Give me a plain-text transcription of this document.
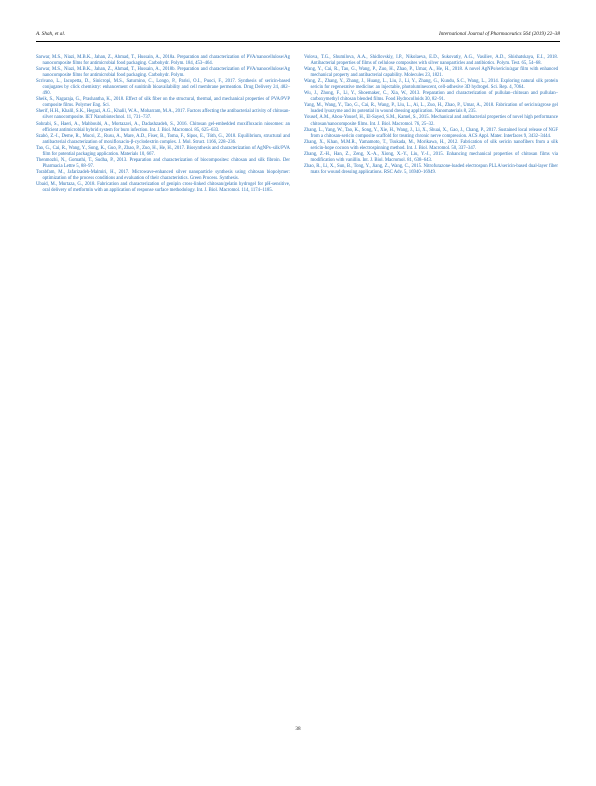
A. Shah, et al.	International Journal of Pharmaceutics 564 (2019) 22–38

Sarwar, M.S., Niazi, M.B.K., Jahan, Z., Ahmad, T., Hussain, A., 2018a. Preparation and characterization of PVA/nanocellulose/Ag nanocomposite films for antimicrobial food packaging. Carbohydr. Polym. 184, 453–464.

Sarwar, M.S., Niazi, M.B.K., Jahan, Z., Ahmad, T., Hussain, A., 2018b. Preparation and characterization of PVA/nanocellulose/Ag nanocomposite films for antimicrobial food packaging. Carbohydr. Polym.

Scrivano, L., Iacopetta, D., Sinicropi, M.S., Saturnino, C., Longo, P., Parisi, O.I., Puoci, F., 2017. Synthesis of sericin-based conjugates by click chemistry: enhancement of sunitinib bioavailability and cell membrane permeation. Drug Delivery 24, 482–490.

Sheik, S., Nagaraja, G., Prashantha, K., 2018. Effect of silk fiber on the structural, thermal, and mechanical properties of PVA/PVP composite films. Polymer Eng. Sci.

Sherif, H.H., Khalil, S.K., Hegazi, A.G., Khalil, W.A., Moharram, M.A., 2017. Factors affecting the antibacterial activity of chitosan-silver nanocomposite. IET Nanobiotechnol. 11, 731–737.

Sohrabi, S., Haeri, A., Mahboubi, A., Mortazavi, A., Dadashzadeh, S., 2016. Chitosan gel-embedded moxifloxacin niosomes: an efficient antimicrobial hybrid system for burn infection. Int. J. Biol. Macromol. 85, 625–633.

Szabó, Z.-I., Deme, R., Mucsi, Z., Rusu, A., Mare, A.D., Fiser, B., Toma, F., Sipos, E., Tóth, G., 2018. Equilibrium, structural and antibacterial characterization of moxifloxacin-β-cyclodextrin complex. J. Mol. Struct. 1166, 228–236.

Tao, G., Cai, R., Wang, Y., Song, K., Guo, P., Zhao, P., Zuo, H., He, H., 2017. Biosynthesis and characterization of AgNPs–silk/PVA film for potential packaging application. Materials 10, 667.

Thenmozhi, N., Gomathi, T., Sudha, P., 2013. Preparation and characterization of biocomposites: chitosan and silk fibroin. Der Pharmacia Lettre 5, 88–97.

Torabfam, M., Jafarizadeh-Malmiri, H., 2017. Microwave-enhanced silver nanoparticle synthesis using chitosan biopolymer: optimization of the process conditions and evaluation of their characteristics. Green Process. Synthesis.

Ubaid, M., Murtaza, G., 2018. Fabrication and characterization of genipin cross-linked chitosan/gelatin hydrogel for pH-sensitive, oral delivery of metformin with an application of response surface methodology. Int. J. Biol. Macromol. 114, 1174–1185.

Volova, T.G., Shumilova, A.A., Shidlovskiy, I.P., Nikolaeva, E.D., Sukovatiy, A.G., Vasiliev, A.D., Shishatskaya, E.I., 2018. Antibacterial properties of films of cellulose composites with silver nanoparticles and antibiotics. Polym. Test. 65, 54–68.

Wang, Y., Cai, R., Tao, G., Wang, P., Zuo, H., Zhao, P., Umar, A., He, H., 2018. A novel AgNPs/sericin/agar film with enhanced mechanical property and antibacterial capability. Molecules 23, 1821.

Wang, Z., Zhang, Y., Zhang, J., Huang, L., Liu, J., Li, Y., Zhang, G., Kundu, S.C., Wang, L., 2014. Exploring natural silk protein sericin for regenerative medicine: an injectable, photoluminescent, cell-adhesive 3D hydrogel. Sci. Rep. 4, 7064.

Wu, J., Zhong, F., Li, Y., Shoemaker, C., Xia, W., 2013. Preparation and characterization of pullulan–chitosan and pullulan–carboxymethyl chitosan blended films. Food Hydrocolloids 30, 82–91.

Yang, M., Wang, Y., Tao, G., Cai, R., Wang, P., Liu, L., Ai, L., Zuo, H., Zhao, P., Umar, A., 2018. Fabrication of sericin/agrose gel loaded lysozyme and its potential in wound dressing application. Nanomaterials 8, 235.

Yousef, A.M., Abou-Yousef, H., El-Sayed, S.M., Kamel, S., 2015. Mechanical and antibacterial properties of novel high performance chitosan/nanocomposite films. Int. J. Biol. Macromol. 76, 25–32.

Zhang, L., Yang, W., Tao, K., Song, Y., Xie, H., Wang, J., Li, X., Shuai, X., Gao, J., Chang, P., 2017. Sustained local release of NGF from a chitosan-sericin composite scaffold for treating chronic nerve compression. ACS Appl. Mater. Interfaces 9, 3432–3444.

Zhang, X., Khan, M.M.R., Yamamoto, T., Tsukada, M., Morikawa, H., 2012. Fabrication of silk sericin nanofibers from a silk sericin-hope cocoon with electrospinning method. Int. J. Biol. Macromol. 50, 337–347.

Zhang, Z.-H., Han, Z., Zeng, X.-A., Xiong, X.-Y., Liu, Y.-J., 2015. Enhancing mechanical properties of chitosan films via modification with vanillin. Int. J. Biol. Macromol. 81, 638–643.

Zhao, R., Li, X., Sun, B., Tong, Y., Jiang, Z., Wang, C., 2015. Nitrofurazone-loaded electrospun PLLA/sericin-based dual-layer fiber mats for wound dressing applications. RSC Adv. 5, 16940–16949.

38
